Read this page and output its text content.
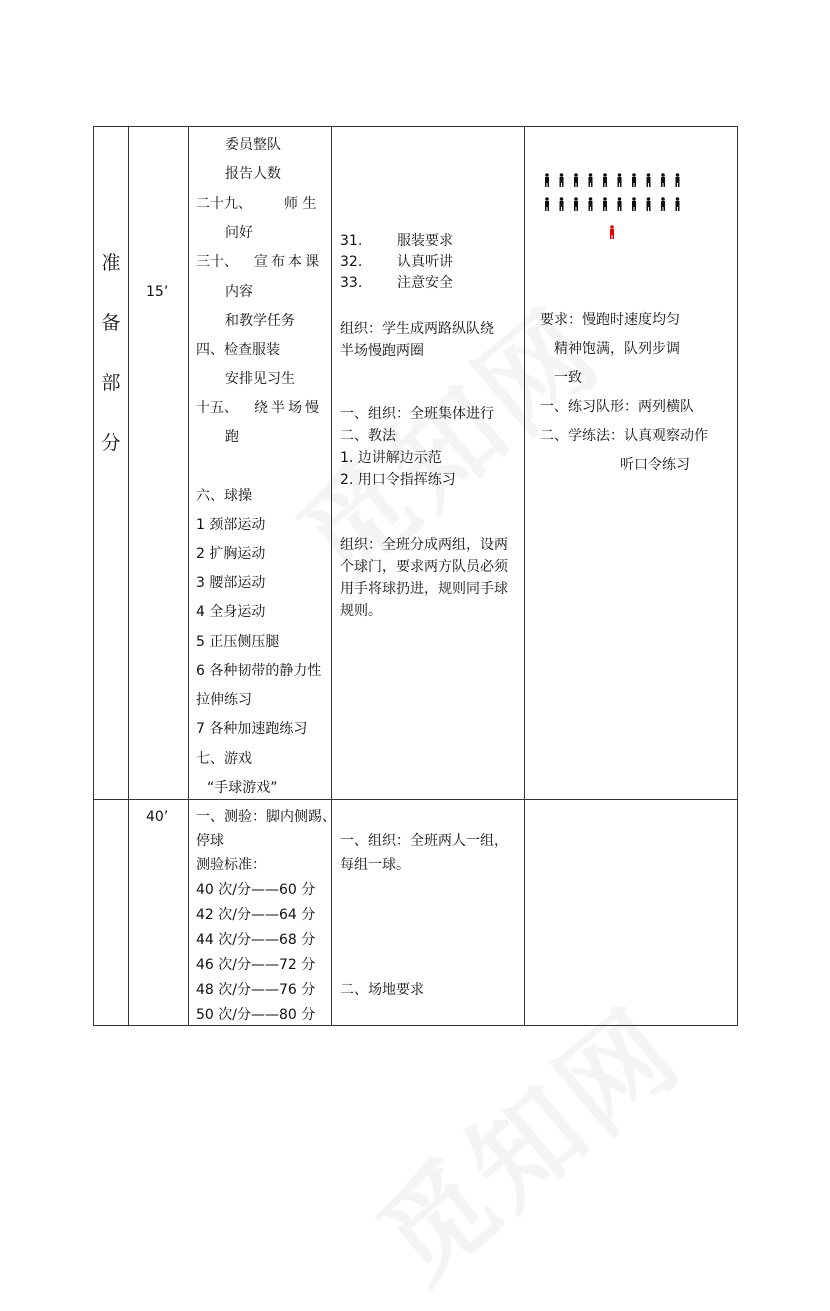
准
备
部
分
15’
委员整队
报告人数
二十九、 师 生
问好
三十、 宣布本课
内容
和教学任务
四、检查服装
安排见习生
十五、 绕半场慢
跑
六、球操
1 颈部运动
2 扩胸运动
3 腰部运动
4 全身运动
5 正压侧压腿
6 各种韧带的静力性
拉伸练习
7 各种加速跑练习
七、游戏
“手球游戏”
31. 服装要求
32. 认真听讲
33. 注意安全
组织：学生成两路纵队绕
半场慢跑两圈
一、组织：全班集体进行
二、教法
1. 边讲解边示范
2. 用口令指挥练习
组织：全班分成两组，设两
个球门，要求两方队员必须
用手将球扔进，规则同手球
规则。
要求：慢跑时速度均匀
精神饱满，队列步调
一致
一、练习队形：两列横队
二、学练法：认真观察动作
听口令练习
40’ 一、测验：脚内侧踢、
停球
测验标准：
40 次/分——60 分
42 次/分——64 分
44 次/分——68 分
46 次/分——72 分
48 次/分——76 分
50 次/分——80 分
一、组织：全班两人一组，
每组一球。
二、场地要求
